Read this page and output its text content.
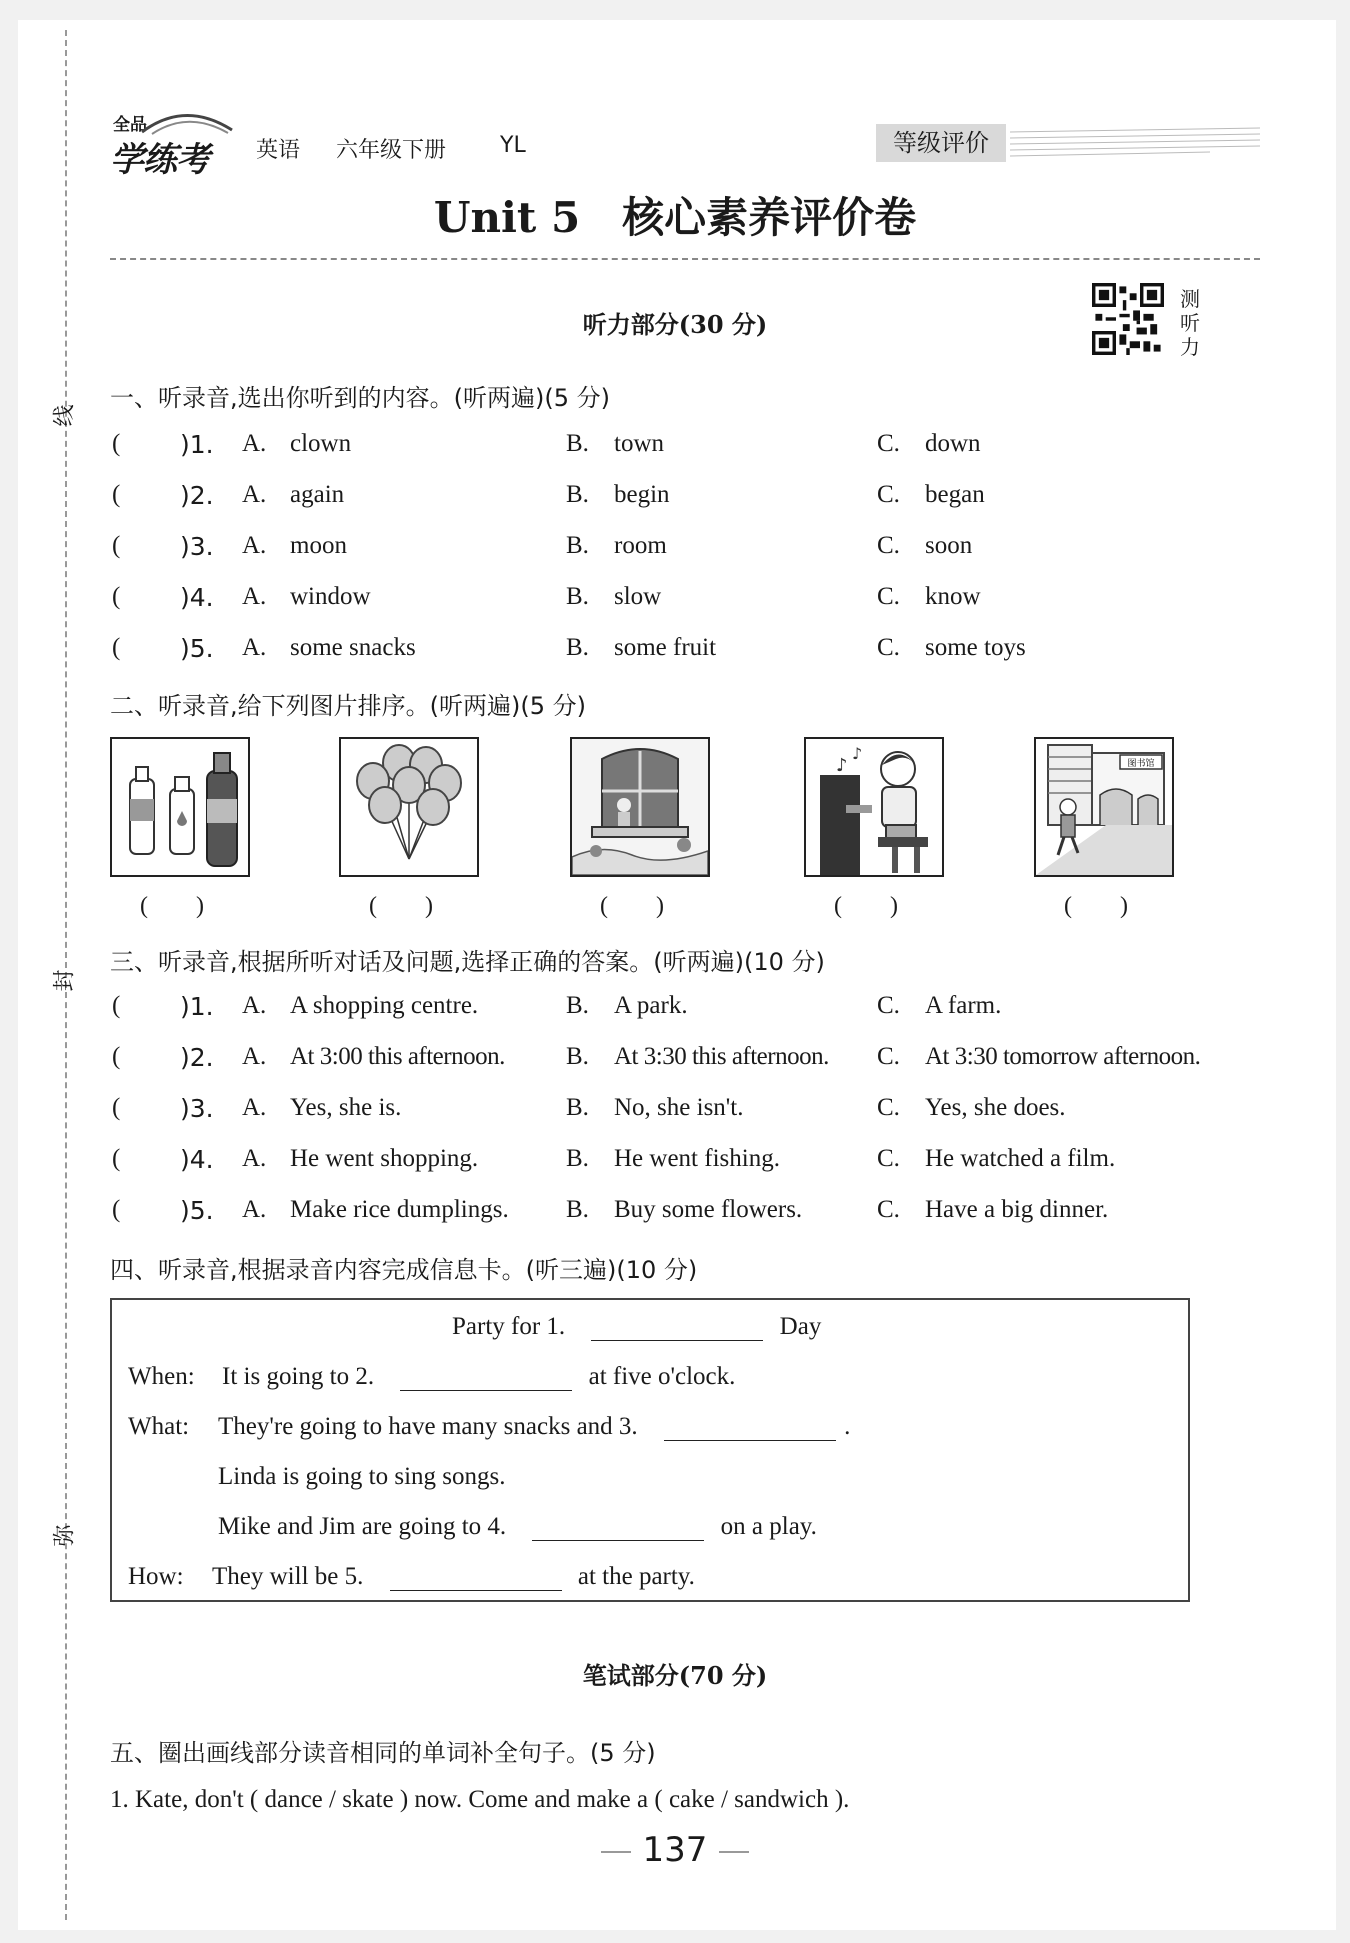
线
封
弥
全品
学练考 英语 六年级下册 YL	等级评价
Unit 5　核心素养评价卷
听力部分(30 分)
测
听
力
一、听录音,选出你听到的内容。(听两遍)(5 分)
( )1. A. clown	B. town	C. down
( )2. A. again	B. begin	C. began
( )3. A. moon	B. room	C. soon
( )4. A. window	B. slow	C. know
( )5. A. some snacks	B. some fruit	C. some toys
二、听录音,给下列图片排序。(听两遍)(5 分)
♪
♪
图书馆
(　　)	(　　)	(　　)	(　　)	(　　)
三、听录音,根据所听对话及问题,选择正确的答案。(听两遍)(10 分)
( )1. A. A shopping centre.	B. A park.	C. A farm.
( )2. A. At 3:00 this afternoon. B. At 3:30 this afternoon. C. At 3:30 tomorrow afternoon.
( )3. A. Yes, she is.	B. No, she isn't.	C. Yes, she does.
( )4. A. He went shopping.	B. He went fishing.	C. He watched a film.
( )5. A. Make rice dumplings. B. Buy some flowers.	C. Have a big dinner.
四、听录音,根据录音内容完成信息卡。(听三遍)(10 分)
Party for 1.	Day
When: It is going to 2.	at five o'clock.
What: They're going to have many snacks and 3.	.
Linda is going to sing songs.
Mike and Jim are going to 4.	on a play.
How: They will be 5.	at the party.
笔试部分(70 分)
五、圈出画线部分读音相同的单词补全句子。(5 分)
1. Kate, don't ( dance / skate ) now. Come and make a ( cake / sandwich ).
137
